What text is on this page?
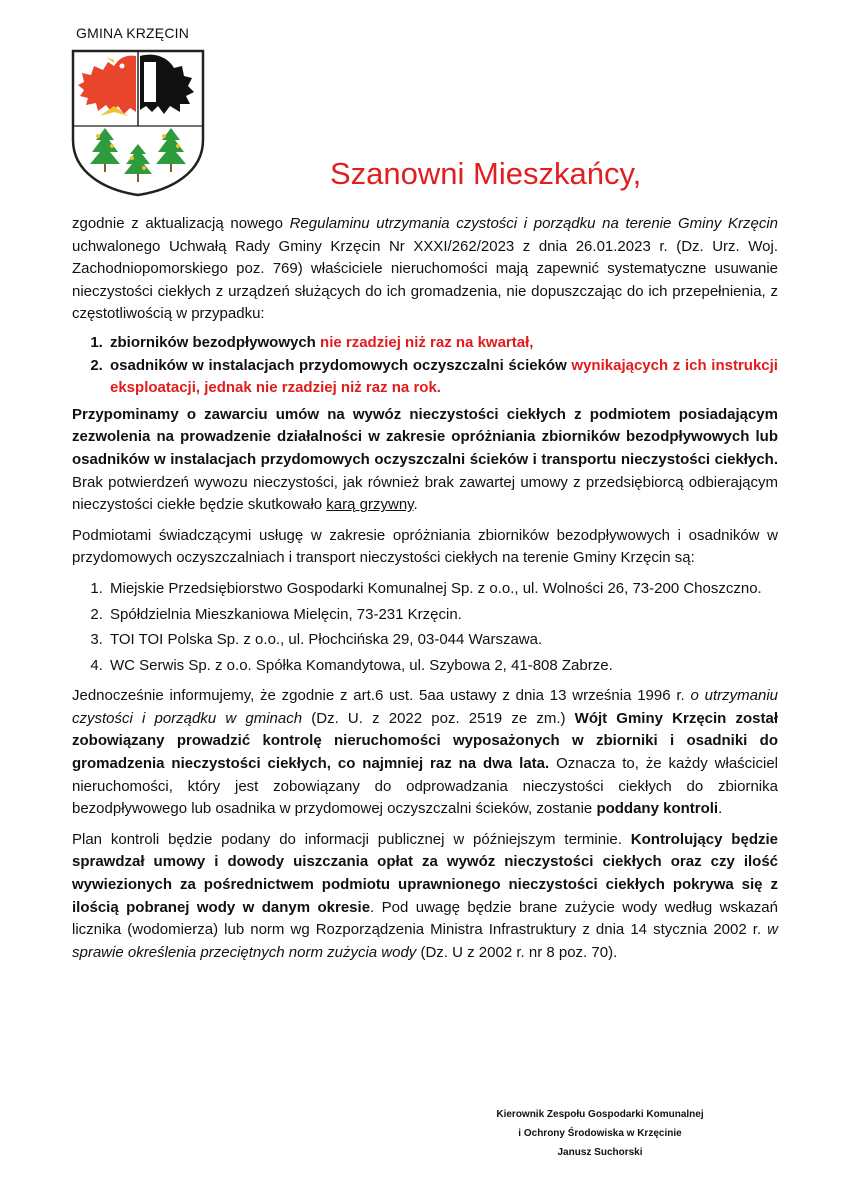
GMINA KRZĘCIN
Szanowni Mieszkańcy,

zgodnie z aktualizacją nowego Regulaminu utrzymania czystości i porządku na terenie Gminy Krzęcin uchwalonego Uchwałą Rady Gminy Krzęcin Nr XXXI/262/2023 z dnia 26.01.2023 r. (Dz. Urz. Woj. Zachodniopomorskiego poz. 769) właściciele nieruchomości mają zapewnić systematyczne usuwanie nieczystości ciekłych z urządzeń służących do ich gromadzenia, nie dopuszczając do ich przepełnienia, z częstotliwością w przypadku:

1. zbiorników bezodpływowych nie rzadziej niż raz na kwartał,
2. osadników w instalacjach przydomowych oczyszczalni ścieków wynikających z ich instrukcji eksploatacji, jednak nie rzadziej niż raz na rok.

Przypominamy o zawarciu umów na wywóz nieczystości ciekłych z podmiotem posiadającym zezwolenia na prowadzenie działalności w zakresie opróżniania zbiorników bezodpływowych lub osadników w instalacjach przydomowych oczyszczalni ścieków i transportu nieczystości ciekłych. Brak potwierdzeń wywozu nieczystości, jak również brak zawartej umowy z przedsiębiorcą odbierającym nieczystości ciekłe będzie skutkowało karą grzywny.

Podmiotami świadczącymi usługę w zakresie opróżniania zbiorników bezodpływowych i osadników w przydomowych oczyszczalniach i transport nieczystości ciekłych na terenie Gminy Krzęcin są:

1. Miejskie Przedsiębiorstwo Gospodarki Komunalnej Sp. z o.o., ul. Wolności 26, 73-200 Choszczno.
2. Spółdzielnia Mieszkaniowa Mielęcin, 73-231 Krzęcin.
3. TOI TOI Polska Sp. z o.o., ul. Płochcińska 29, 03-044 Warszawa.
4. WC Serwis Sp. z o.o. Spółka Komandytowa, ul. Szybowa 2, 41-808 Zabrze.

Jednocześnie informujemy, że zgodnie z art.6 ust. 5aa ustawy z dnia 13 września 1996 r. o utrzymaniu czystości i porządku w gminach (Dz. U. z 2022 poz. 2519 ze zm.) Wójt Gminy Krzęcin został zobowiązany prowadzić kontrolę nieruchomości wyposażonych w zbiorniki i osadniki do gromadzenia nieczystości ciekłych, co najmniej raz na dwa lata. Oznacza to, że każdy właściciel nieruchomości, który jest zobowiązany do odprowadzania nieczystości ciekłych do zbiornika bezodpływowego lub osadnika w przydomowej oczyszczalni ścieków, zostanie poddany kontroli.

Plan kontroli będzie podany do informacji publicznej w późniejszym terminie. Kontrolujący będzie sprawdzał umowy i dowody uiszczania opłat za wywóz nieczystości ciekłych oraz czy ilość wywiezionych za pośrednictwem podmiotu uprawnionego nieczystości ciekłych pokrywa się z ilością pobranej wody w danym okresie. Pod uwagę będzie brane zużycie wody według wskazań licznika (wodomierza) lub norm wg Rozporządzenia Ministra Infrastruktury z dnia 14 stycznia 2002 r. w sprawie określenia przeciętnych norm zużycia wody (Dz. U z 2002 r. nr 8 poz. 70).

Kierownik Zespołu Gospodarki Komunalnej
i Ochrony Środowiska w Krzęcinie
Janusz Suchorski
